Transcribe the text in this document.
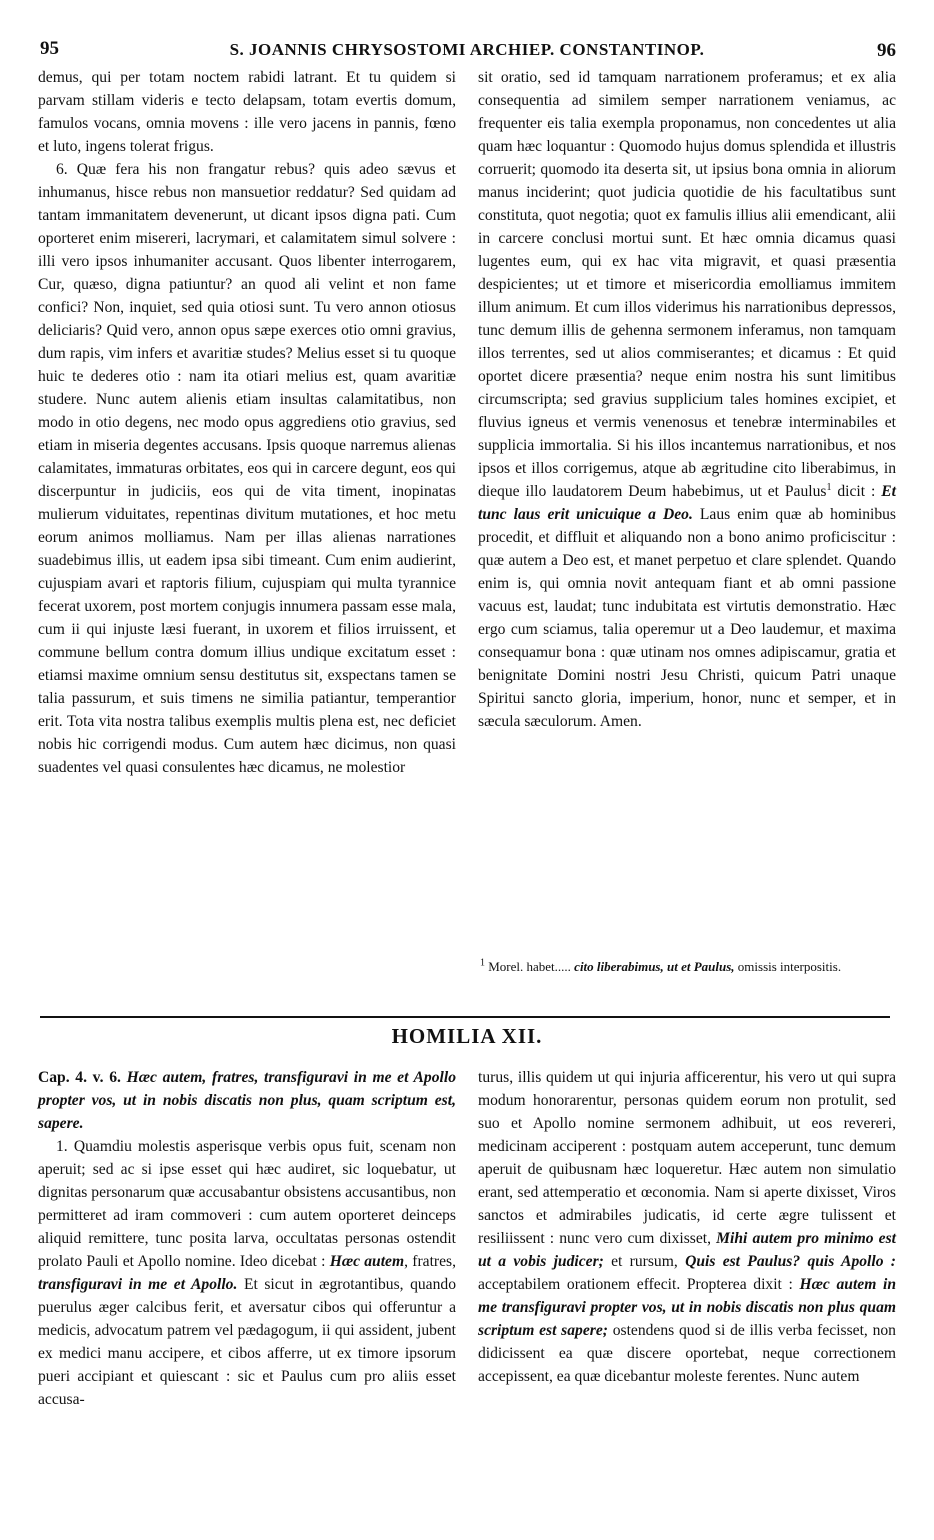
95	S. JOANNIS CHRYSOSTOMI ARCHIEP. CONSTANTINOP.	96

demus, qui per totam noctem rabidi latrant. Et tu quidem si parvam stillam videris e tecto delapsam, totam evertis domum, famulos vocans, omnia movens : ille vero jacens in pannis, fœno et luto, ingens tolerat frigus.

6. Quæ fera his non frangatur rebus? quis adeo sævus et inhumanus, hisce rebus non mansuetior reddatur? Sed quidam ad tantam immanitatem devenerunt, ut dicant ipsos digna pati. Cum oporteret enim misereri, lacrymari, et calamitatem simul solvere : illi vero ipsos inhumaniter accusant. Quos libenter interrogarem, Cur, quæso, digna patiuntur? an quod ali velint et non fame confici? Non, inquiet, sed quia otiosi sunt. Tu vero annon otiosus deliciaris? Quid vero, annon opus sæpe exerces otio omni gravius, dum rapis, vim infers et avaritiæ studes? Melius esset si tu quoque huic te dederes otio : nam ita otiari melius est, quam avaritiæ studere. Nunc autem alienis etiam insultas calamitatibus, non modo in otio degens, nec modo opus aggrediens otio gravius, sed etiam in miseria degentes accusans. Ipsis quoque narremus alienas calamitates, immaturas orbitates, eos qui in carcere degunt, eos qui discerpuntur in judiciis, eos qui de vita timent, inopinatas mulierum viduitates, repentinas divitum mutationes, et hoc metu eorum animos molliamus. Nam per illas alienas narrationes suadebimus illis, ut eadem ipsa sibi timeant. Cum enim audierint, cujuspiam avari et raptoris filium, cujuspiam qui multa tyrannice fecerat uxorem, post mortem conjugis innumera passam esse mala, cum ii qui injuste læsi fuerant, in uxorem et filios irruissent, et commune bellum contra domum illius undique excitatum esset : etiamsi maxime omnium sensu destitutus sit, exspectans tamen se talia passurum, et suis timens ne similia patiantur, temperantior erit. Tota vita nostra talibus exemplis multis plena est, nec deficiet nobis hic corrigendi modus. Cum autem hæc dicimus, non quasi suadentes vel quasi consulentes hæc dicamus, ne molestior

sit oratio, sed id tamquam narrationem proferamus; et ex alia consequentia ad similem semper narrationem veniamus, ac frequenter eis talia exempla proponamus, non concedentes ut alia quam hæc loquantur : Quomodo hujus domus splendida et illustris corruerit; quomodo ita deserta sit, ut ipsius bona omnia in aliorum manus inciderint; quot judicia quotidie de his facultatibus sunt constituta, quot negotia; quot ex famulis illius alii emendicant, alii in carcere conclusi mortui sunt. Et hæc omnia dicamus quasi lugentes eum, qui ex hac vita migravit, et quasi præsentia despicientes; ut et timore et misericordia emolliamus immitem illum animum. Et cum illos viderimus his narrationibus depressos, tunc demum illis de gehenna sermonem inferamus, non tamquam illos terrentes, sed ut alios commiserantes; et dicamus : Et quid oportet dicere præsentia? neque enim nostra his sunt limitibus circumscripta; sed gravius supplicium tales homines excipiet, et fluvius igneus et vermis venenosus et tenebræ interminabiles et supplicia immortalia. Si his illos incantemus narrationibus, et nos ipsos et illos corrigemus, atque ab ægritudine cito liberabimus, in dieque illo laudatorem Deum habebimus, ut et Paulus$^1$ dicit : Et tunc laus erit unicuique a Deo. Laus enim quæ ab hominibus procedit, et diffluit et aliquando non a bono animo proficiscitur : quæ autem a Deo est, et manet perpetuo et clare splendet. Quando enim is, qui omnia novit antequam fiant et ab omni passione vacuus est, laudat; tunc indubitata est virtutis demonstratio. Hæc ergo cum sciamus, talia operemur ut a Deo laudemur, et maxima consequamur bona : quæ utinam nos omnes adipiscamur, gratia et benignitate Domini nostri Jesu Christi, quicum Patri unaque Spiritui sancto gloria, imperium, honor, nunc et semper, et in sæcula sæculorum. Amen.

$^1$ Morel. habet..... cito liberabimus, ut et Paulus, omissis interpositis.
HOMILIA XII.

Cap. 4. v. 6. Hæc autem, fratres, transfiguravi in me et Apollo propter vos, ut in nobis discatis non plus, quam scriptum est, sapere.

1. Quamdiu molestis asperisque verbis opus fuit, scenam non aperuit; sed ac si ipse esset qui hæc audiret, sic loquebatur, ut dignitas personarum quæ accusabantur obsistens accusantibus, non permitteret ad iram commoveri : cum autem oporteret deinceps aliquid remittere, tunc posita larva, occultatas personas ostendit prolato Pauli et Apollo nomine. Ideo dicebat : Hæc autem, fratres, transfiguravi in me et Apollo. Et sicut in ægrotantibus, quando puerulus æger calcibus ferit, et aversatur cibos qui offeruntur a medicis, advocatum patrem vel pædagogum, ii qui assident, jubent ex medici manu accipere, et cibos afferre, ut ex timore ipsorum pueri accipiant et quiescant : sic et Paulus cum pro aliis esset accusa-

turus, illis quidem ut qui injuria afficerentur, his vero ut qui supra modum honorarentur, personas quidem eorum non protulit, sed suo et Apollo nomine sermonem adhibuit, ut eos revereri, medicinam acciperent : postquam autem acceperunt, tunc demum aperuit de quibusnam hæc loqueretur. Hæc autem non simulatio erant, sed attemperatio et œconomia. Nam si aperte dixisset, Viros sanctos et admirabiles judicatis, id certe ægre tulissent et resiliissent : nunc vero cum dixisset, Mihi autem pro minimo est ut a vobis judicer; et rursum, Quis est Paulus? quis Apollo : acceptabilem orationem effecit. Propterea dixit : Hæc autem in me transfiguravi propter vos, ut in nobis discatis non plus quam scriptum est sapere; ostendens quod si de illis verba fecisset, non didicissent ea quæ discere oportebat, neque correctionem accepissent, ea quæ dicebantur moleste ferentes. Nunc autem
